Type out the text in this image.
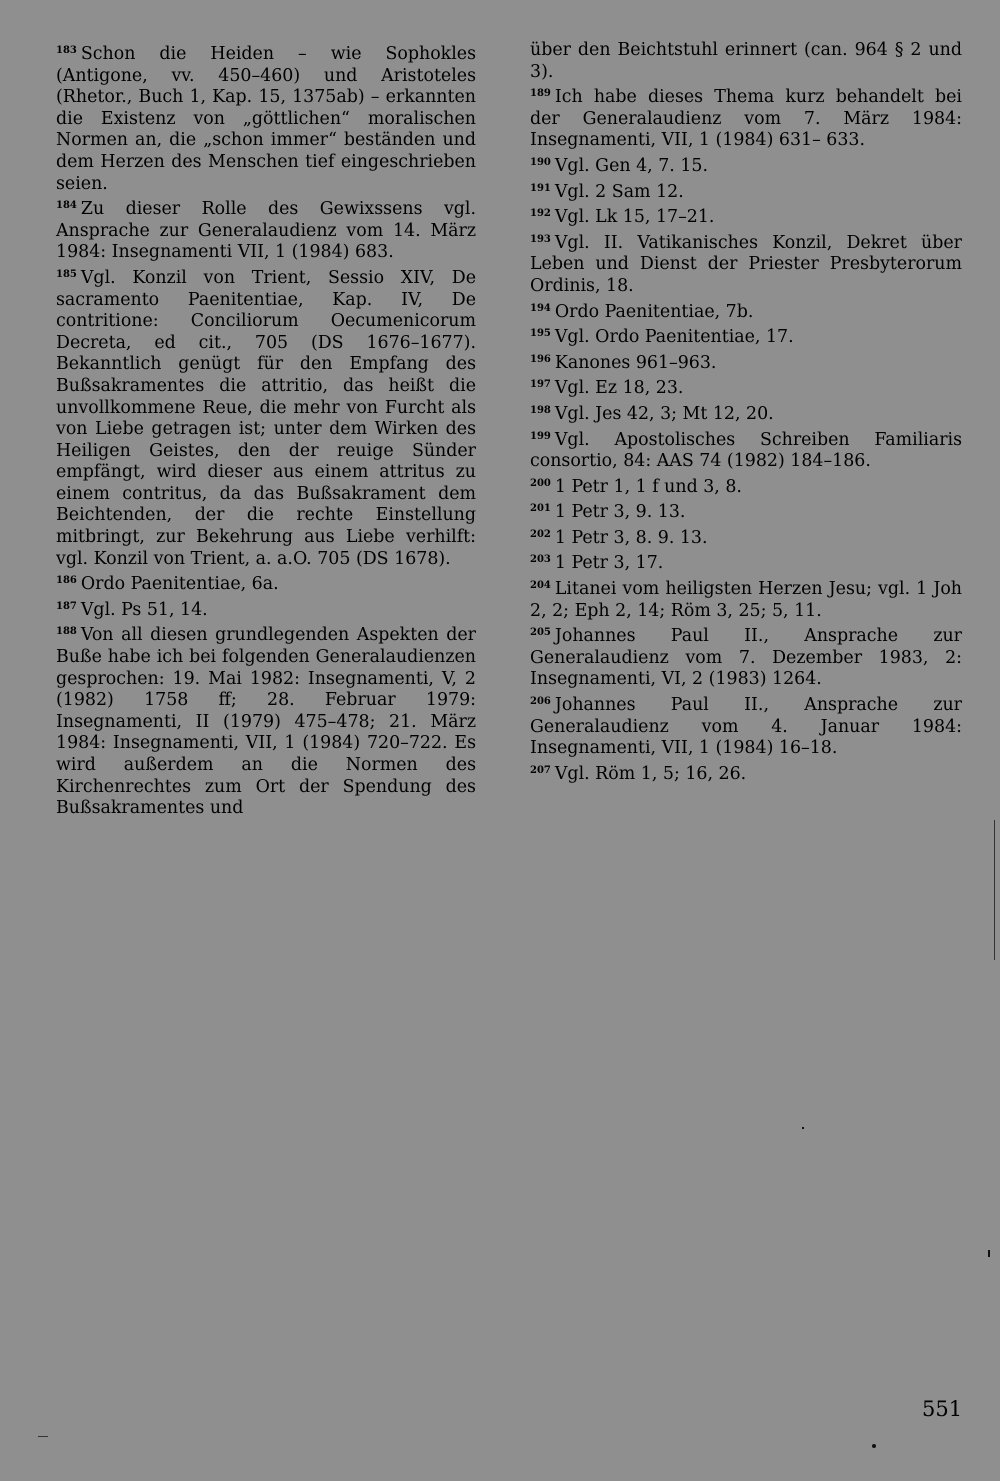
183 Schon die Heiden – wie Sophokles (Antigone, vv. 450–460) und Aristoteles (Rhetor., Buch 1, Kap. 15, 1375ab) – erkannten die Existenz von „göttlichen“ moralischen Normen an, die „schon immer“ beständen und dem Herzen des Menschen tief eingeschrieben seien.

184 Zu dieser Rolle des Gewixssens vgl. Ansprache zur Generalaudienz vom 14. März 1984: Insegnamenti VII, 1 (1984) 683.

185 Vgl. Konzil von Trient, Sessio XIV, De sacramento Paenitentiae, Kap. IV, De contritione: Conciliorum Oecumenicorum Decreta, ed cit., 705 (DS 1676–1677). Bekanntlich genügt für den Empfang des Bußsakramentes die attritio, das heißt die unvollkommene Reue, die mehr von Furcht als von Liebe getragen ist; unter dem Wirken des Heiligen Geistes, den der reuige Sünder empfängt, wird dieser aus einem attritus zu einem contritus, da das Bußsakrament dem Beichtenden, der die rechte Einstellung mitbringt, zur Bekehrung aus Liebe verhilft: vgl. Konzil von Trient, a. a.O. 705 (DS 1678).

186 Ordo Paenitentiae, 6a.

187 Vgl. Ps 51, 14.

188 Von all diesen grundlegenden Aspekten der Buße habe ich bei folgenden Generalaudienzen gesprochen: 19. Mai 1982: Insegnamenti, V, 2 (1982) 1758 ff; 28. Februar 1979: Insegnamenti, II (1979) 475–478; 21. März 1984: Insegnamenti, VII, 1 (1984) 720–722. Es wird außerdem an die Normen des Kirchenrechtes zum Ort der Spendung des Bußsakramentes und

über den Beichtstuhl erinnert (can. 964 § 2 und 3).

189 Ich habe dieses Thema kurz behandelt bei der Generalaudienz vom 7. März 1984: Insegnamenti, VII, 1 (1984) 631– 633.

190 Vgl. Gen 4, 7. 15.

191 Vgl. 2 Sam 12.

192 Vgl. Lk 15, 17–21.

193 Vgl. II. Vatikanisches Konzil, Dekret über Leben und Dienst der Priester Presbyterorum Ordinis, 18.

194 Ordo Paenitentiae, 7b.

195 Vgl. Ordo Paenitentiae, 17.

196 Kanones 961–963.

197 Vgl. Ez 18, 23.

198 Vgl. Jes 42, 3; Mt 12, 20.

199 Vgl. Apostolisches Schreiben Familiaris consortio, 84: AAS 74 (1982) 184–186.

200 1 Petr 1, 1 f und 3, 8.

201 1 Petr 3, 9. 13.

202 1 Petr 3, 8. 9. 13.

203 1 Petr 3, 17.

204 Litanei vom heiligsten Herzen Jesu; vgl. 1 Joh 2, 2; Eph 2, 14; Röm 3, 25; 5, 11.

205 Johannes Paul II., Ansprache zur Generalaudienz vom 7. Dezember 1983, 2: Insegnamenti, VI, 2 (1983) 1264.

206 Johannes Paul II., Ansprache zur Generalaudienz vom 4. Januar 1984: Insegnamenti, VII, 1 (1984) 16–18.

207 Vgl. Röm 1, 5; 16, 26.

551
